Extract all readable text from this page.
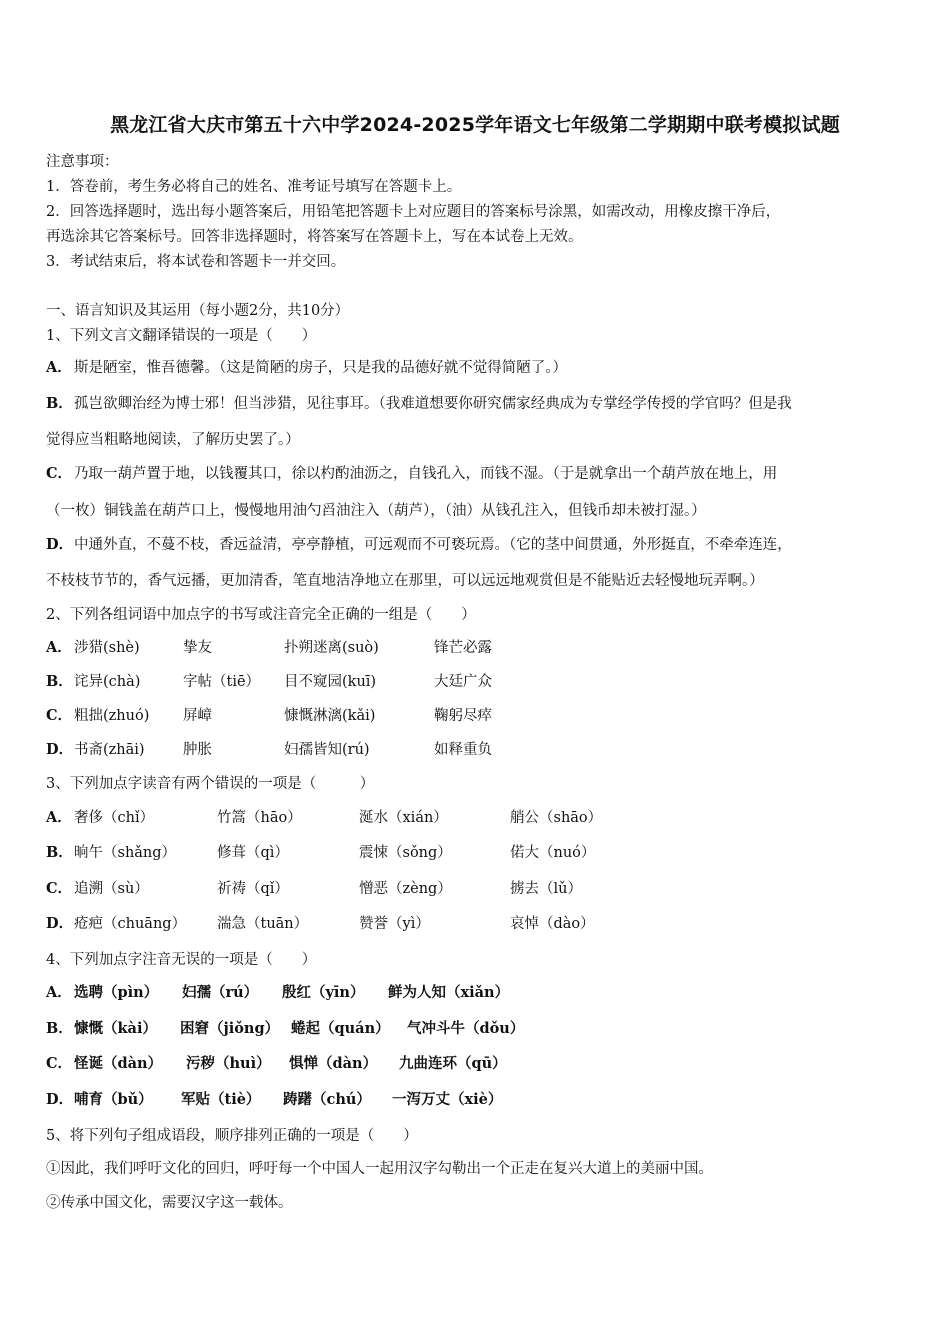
黑龙江省大庆市第五十六中学2024-2025学年语文七年级第二学期期中联考模拟试题
注意事项：
1．答卷前，考生务必将自己的姓名、准考证号填写在答题卡上。
2．回答选择题时，选出每小题答案后，用铅笔把答题卡上对应题目的答案标号涂黑，如需改动，用橡皮擦干净后，
再选涂其它答案标号。回答非选择题时，将答案写在答题卡上，写在本试卷上无效。
3．考试结束后，将本试卷和答题卡一并交回。
一、语言知识及其运用（每小题2分，共10分）
1、下列文言文翻译错误的一项是（　　）
A． 斯是陋室，惟吾德馨。（这是简陋的房子，只是我的品德好就不觉得简陋了。）
B．孤岂欲卿治经为博士邪！但当涉猎，见往事耳。（我难道想要你研究儒家经典成为专掌经学传授的学官吗？但是我
觉得应当粗略地阅读，了解历史罢了。）
C． 乃取一葫芦置于地，以钱覆其口，徐以杓酌油沥之，自钱孔入，而钱不湿。（于是就拿出一个葫芦放在地上，用
（一枚）铜钱盖在葫芦口上，慢慢地用油勺舀油注入（葫芦），（油）从钱孔注入，但钱币却未被打湿。）
D．中通外直，不蔓不枝，香远益清，亭亭静植，可远观而不可亵玩焉。（它的茎中间贯通，外形挺直，不牵牵连连，
不枝枝节节的，香气远播，更加清香，笔直地洁净地立在那里，可以远远地观赏但是不能贴近去轻慢地玩弄啊。）
2、下列各组词语中加点字的书写或注音完全正确的一组是（　　）
A． 涉猎(shè)	挚友	扑朔迷离(suò)	锋芒必露
B． 诧异(chà)	字帖（tiē） 目不窥园(kuī)	大廷广众
C． 粗拙(zhuó) 屏嶂	慷慨淋漓(kǎi)	鞠躬尽瘁
D． 书斋(zhāi)	肿胀	妇孺皆知(rú)	如释重负
3、下列加点字读音有两个错误的一项是（　　　）
A． 奢侈（chǐ）	竹篙（hāo）	涎水（xián）	艄公（shāo）
B． 晌午（shǎng）	修葺（qì）	震悚（sǒng）	偌大（nuó）
C． 追溯（sù）	祈祷（qǐ）	憎恶（zèng）	掳去（lǔ）
D． 疮疤（chuāng） 湍急（tuān）	赞誉（yì）	哀悼（dào）
4、下列加点字注音无误的一项是（　　）
A． 选聘（pìn） 妇孺（rú） 殷红（yīn） 鲜为人知（xiǎn）
B． 慷慨（kài） 困窘（jiǒng） 蜷起（quán） 气冲斗牛（dǒu）
C． 怪诞（dàn） 污秽（huì） 惧惮（dàn） 九曲连环（qū）
D． 哺育（bǔ） 军贴（tiè） 踌躇（chú） 一泻万丈（xiè）
5、将下列句子组成语段，顺序排列正确的一项是（　　）
①因此，我们呼吁文化的回归，呼吁每一个中国人一起用汉字勾勒出一个正走在复兴大道上的美丽中国。
②传承中国文化，需要汉字这一载体。
